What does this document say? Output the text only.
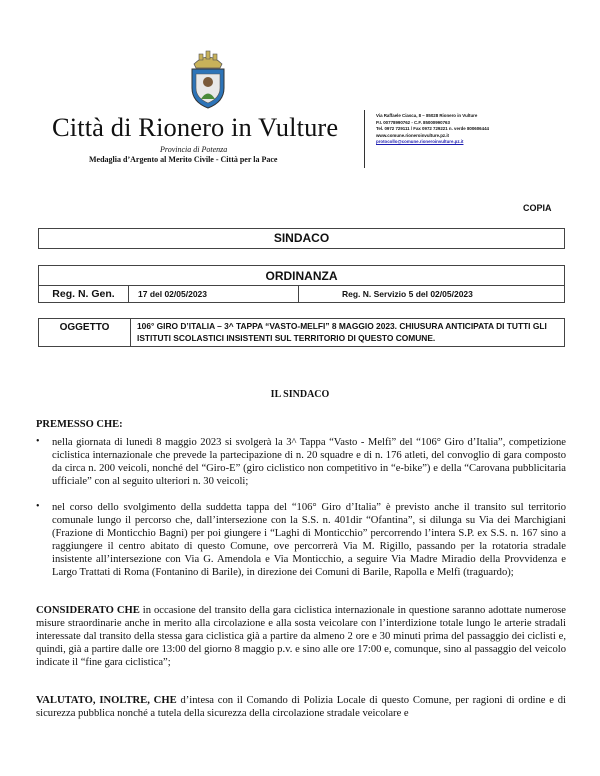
Città di Rionero in Vulture
Provincia di Potenza
Medaglia d’Argento al Merito Civile - Città per la Pace
Via Raffaele Ciasca, 8 – 85028 Rionero in Vulture
P.I. 00778990762 - C.F. 85000990763
Tel. 0972 729111 / Fax 0972 729221 n. verde 800606444
www.comune.rioneroinvulture.pz.it
protocollo@comune.rioneroinvulture.pz.it
COPIA
SINDACO
ORDINANZA
Reg. N. Gen.	17 del 02/05/2023	Reg. N. Servizio 5 del 02/05/2023
OGGETTO	106° GIRO D’ITALIA – 3^ TAPPA “VASTO-MELFI” 8 MAGGIO 2023. CHIUSURA ANTICIPATA DI TUTTI GLI ISTITUTI SCOLASTICI INSISTENTI SUL TERRITORIO DI QUESTO COMUNE.
IL SINDACO
PREMESSO CHE:
• nella giornata di lunedì 8 maggio 2023 si svolgerà la 3^ Tappa “Vasto - Melfi” del “106° Giro d’Italia”, competizione ciclistica internazionale che prevede la partecipazione di n. 20 squadre e di n. 176 atleti, del convoglio di gara composto da circa n. 200 veicoli, nonché del “Giro-E” (giro ciclistico non competitivo in “e-bike”) e della “Carovana pubblicitaria ufficiale” con al seguito ulteriori n. 30 veicoli;
• nel corso dello svolgimento della suddetta tappa del “106° Giro d’Italia” è previsto anche il transito sul territorio comunale lungo il percorso che, dall’intersezione con la S.S. n. 401dir “Ofantina”, si dilunga su Via dei Marchigiani (Frazione di Monticchio Bagni) per poi giungere i “Laghi di Monticchio” percorrendo l’intera S.P. ex S.S. n. 167 sino a raggiungere il centro abitato di questo Comune, ove percorrerà Via M. Rigillo, passando per la rotatoria stradale insistente all’intersezione con Via G. Amendola e Via Monticchio, a seguire Via Madre Miradio della Provvidenza e Largo Trattati di Roma (Fontanino di Barile), in direzione dei Comuni di Barile, Rapolla e Melfi (traguardo);
CONSIDERATO CHE in occasione del transito della gara ciclistica internazionale in questione saranno adottate numerose misure straordinarie anche in merito alla circolazione e alla sosta veicolare con l’interdizione totale lungo le arterie stradali interessate dal transito della stessa gara ciclistica già a partire da almeno 2 ore e 30 minuti prima del passaggio dei ciclisti e, quindi, già a partire dalle ore 13:00 del giorno 8 maggio p.v. e sino alle ore 17:00 e, comunque, sino al passaggio del veicolo indicate il “fine gara ciclistica”;
VALUTATO, INOLTRE, CHE d’intesa con il Comando di Polizia Locale di questo Comune, per ragioni di ordine e di sicurezza pubblica nonché a tutela della sicurezza della circolazione stradale veicolare e
